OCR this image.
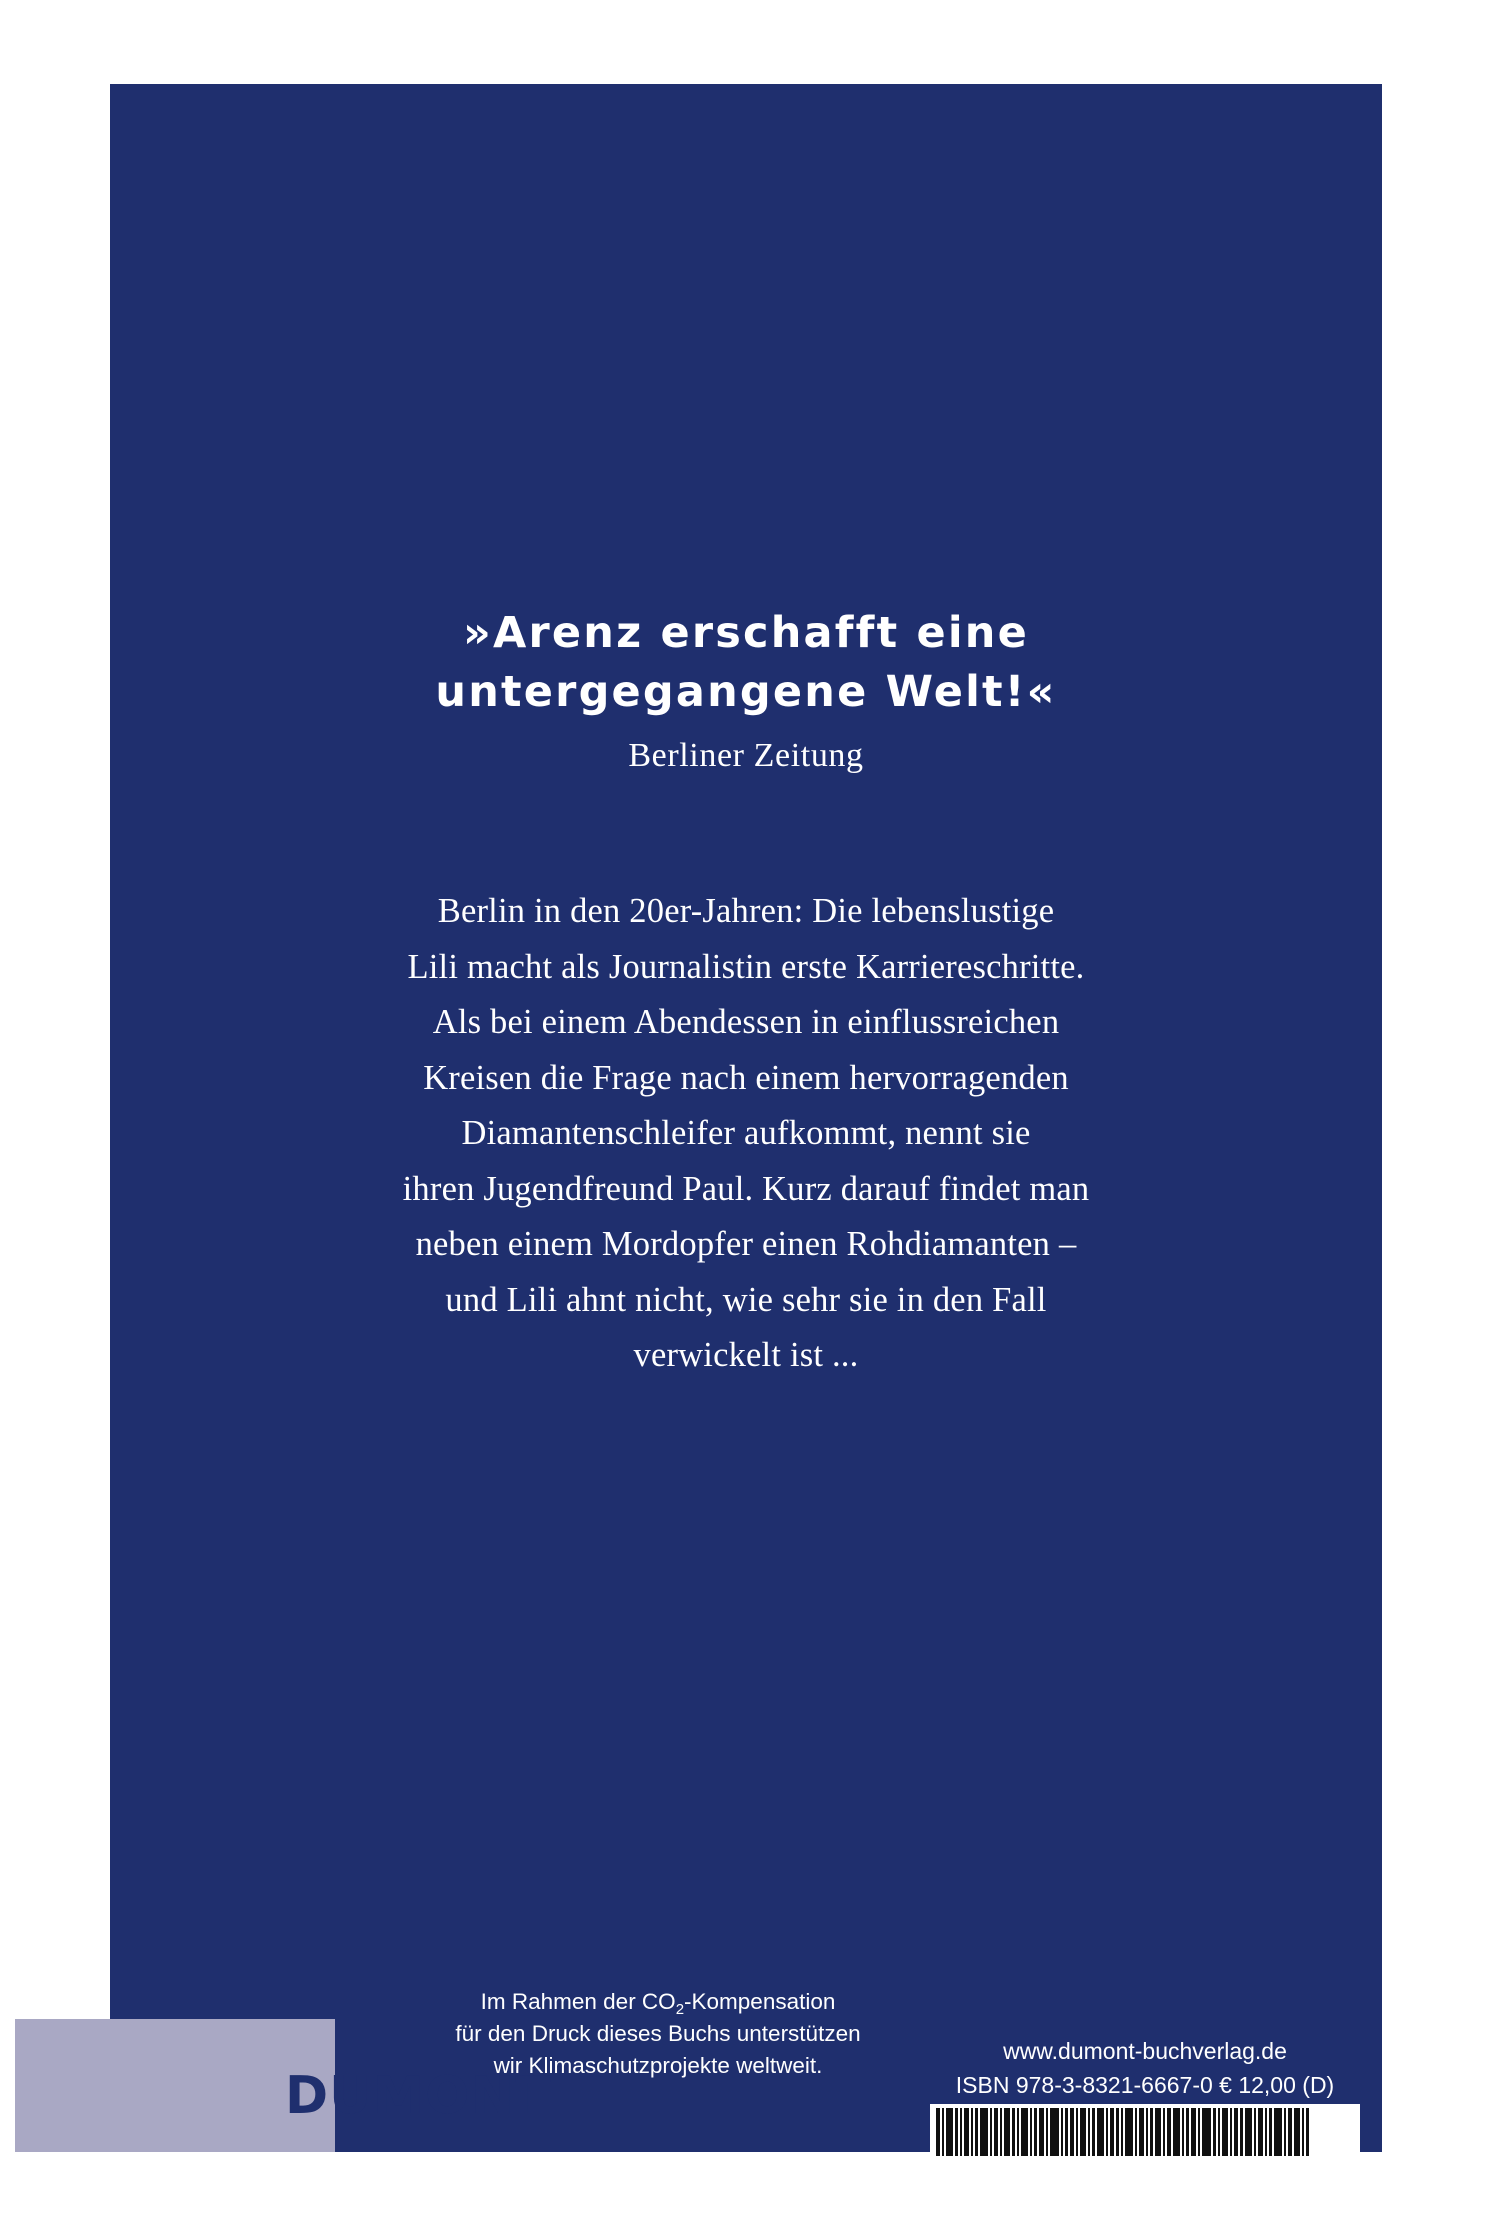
»Arenz erschafft eine
untergegangene Welt!«
Berliner Zeitung

Berlin in den 20er-Jahren: Die lebenslustige

Lili macht als Journalistin erste Karriereschritte.

Als bei einem Abendessen in einflussreichen

Kreisen die Frage nach einem hervorragenden

Diamantenschleifer aufkommt, nennt sie

ihren Jugendfreund Paul. Kurz darauf findet man

neben einem Mordopfer einen Rohdiamanten –

und Lili ahnt nicht, wie sehr sie in den Fall

verwickelt ist ...

DUMONT
Im Rahmen der $CO_2$-Kompensation
für den Druck dieses Buchs unterstützen
wir Klimaschutzprojekte weltweit.
www.dumont-buchverlag.de
ISBN 978-3-8321-6667-0 € 12,00 (D)
